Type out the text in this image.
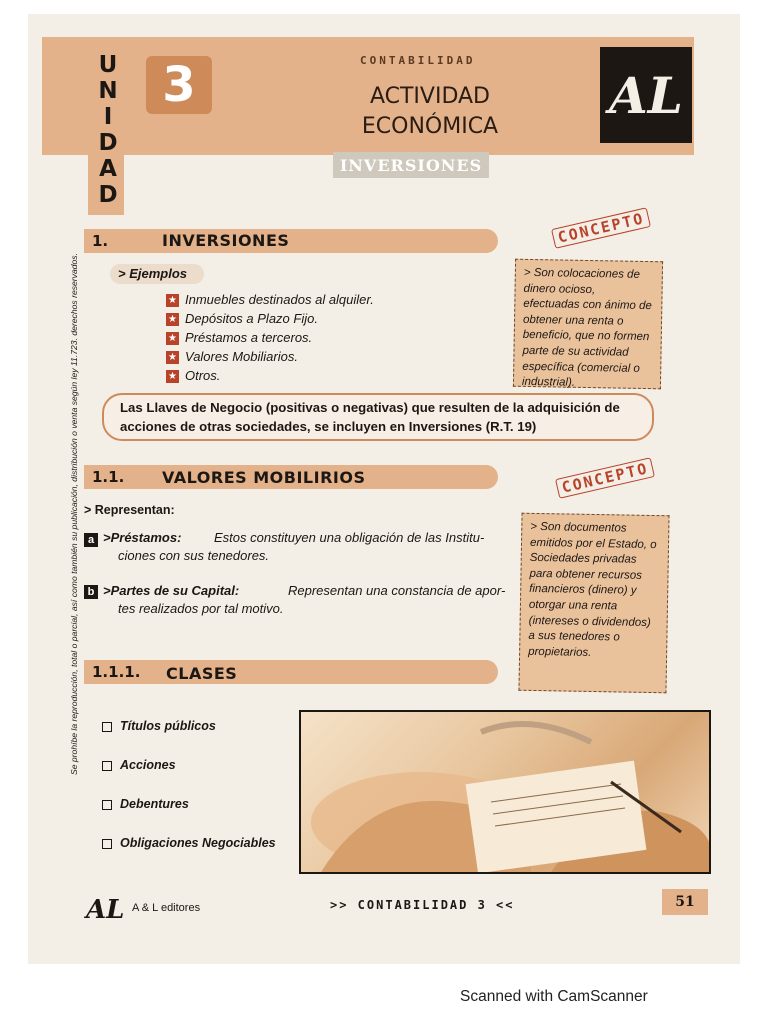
U
N
I
D
A
D
3	CONTABILIDAD
ACTIVIDAD
ECONÓMICA
AL
INVERSIONES
1.	INVERSIONES
> Ejemplos
★ Inmuebles destinados al alquiler.
★ Depósitos a Plazo Fijo.
★ Préstamos a terceros.
★ Valores Mobiliarios.
★ Otros.
CONCEPTO
> Son colocaciones de dinero ocioso, efectuadas con ánimo de obtener una renta o beneficio, que no formen parte de su actividad específica (comercial o industrial).
Las Llaves de Negocio (positivas o negativas) que resulten de la adquisición de acciones de otras sociedades, se incluyen en Inversiones (R.T. 19)
1.1. VALORES MOBILIRIOS
> Representan:
a >Préstamos:	Estos constituyen una obligación de las Institu-
ciones con sus tenedores.
b >Partes de su Capital:	Representan una constancia de apor-
tes realizados por tal motivo.
CONCEPTO
> Son documentos emitidos por el Estado, o Sociedades privadas para obtener recursos financieros (dinero) y otorgar una renta (intereses o dividendos) a sus tenedores o propietarios.
1.1.1. CLASES
Títulos públicos
Acciones
Debentures
Obligaciones Negociables
AL A & L editores	>> CONTABILIDAD 3 <<	51
Se prohíbe la reproducción, total o parcial, así como también su publicación, distribución o venta según ley 11.723. derechos reservados.
Scanned with CamScanner
